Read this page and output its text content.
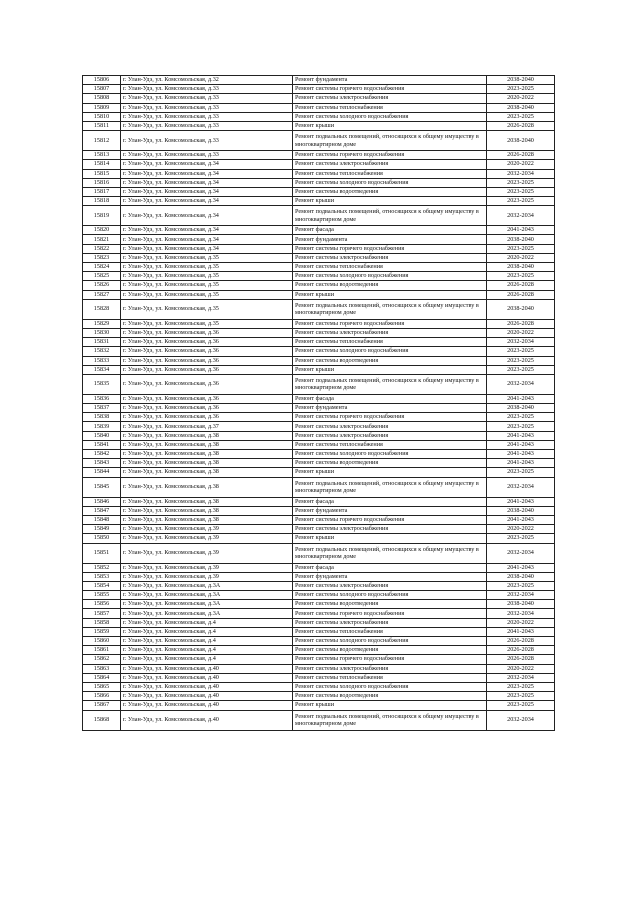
15806	г. Улан-Удэ, ул. Комсомольская, д.32	Ремонт фундамента	2038-2040
15807	г. Улан-Удэ, ул. Комсомольская, д.33	Ремонт системы горячего водоснабжения	2023-2025
15808	г. Улан-Удэ, ул. Комсомольская, д.33	Ремонт системы электроснабжения	2020-2022
15809	г. Улан-Удэ, ул. Комсомольская, д.33	Ремонт системы теплоснабжения	2038-2040
15810	г. Улан-Удэ, ул. Комсомольская, д.33	Ремонт системы холодного водоснабжения	2023-2025
15811	г. Улан-Удэ, ул. Комсомольская, д.33	Ремонт крыши	2026-2028
15812	г. Улан-Удэ, ул. Комсомольская, д.33	Ремонт подвальных помещений, относящихся к общему имуществу в многоквартирном доме	2038-2040
15813	г. Улан-Удэ, ул. Комсомольская, д.33	Ремонт системы горячего водоснабжения	2026-2028
15814	г. Улан-Удэ, ул. Комсомольская, д.34	Ремонт системы электроснабжения	2020-2022
15815	г. Улан-Удэ, ул. Комсомольская, д.34	Ремонт системы теплоснабжения	2032-2034
15816	г. Улан-Удэ, ул. Комсомольская, д.34	Ремонт системы холодного водоснабжения	2023-2025
15817	г. Улан-Удэ, ул. Комсомольская, д.34	Ремонт системы водоотведения	2023-2025
15818	г. Улан-Удэ, ул. Комсомольская, д.34	Ремонт крыши	2023-2025
15819	г. Улан-Удэ, ул. Комсомольская, д.34	Ремонт подвальных помещений, относящихся к общему имуществу в многоквартирном доме	2032-2034
15820	г. Улан-Удэ, ул. Комсомольская, д.34	Ремонт фасада	2041-2043
15821	г. Улан-Удэ, ул. Комсомольская, д.34	Ремонт фундамента	2038-2040
15822	г. Улан-Удэ, ул. Комсомольская, д.34	Ремонт системы горячего водоснабжения	2023-2025
15823	г. Улан-Удэ, ул. Комсомольская, д.35	Ремонт системы электроснабжения	2020-2022
15824	г. Улан-Удэ, ул. Комсомольская, д.35	Ремонт системы теплоснабжения	2038-2040
15825	г. Улан-Удэ, ул. Комсомольская, д.35	Ремонт системы холодного водоснабжения	2023-2025
15826	г. Улан-Удэ, ул. Комсомольская, д.35	Ремонт системы водоотведения	2026-2028
15827	г. Улан-Удэ, ул. Комсомольская, д.35	Ремонт крыши	2026-2028
15828	г. Улан-Удэ, ул. Комсомольская, д.35	Ремонт подвальных помещений, относящихся к общему имуществу в многоквартирном доме	2038-2040
15829	г. Улан-Удэ, ул. Комсомольская, д.35	Ремонт системы горячего водоснабжения	2026-2028
15830	г. Улан-Удэ, ул. Комсомольская, д.36	Ремонт системы электроснабжения	2020-2022
15831	г. Улан-Удэ, ул. Комсомольская, д.36	Ремонт системы теплоснабжения	2032-2034
15832	г. Улан-Удэ, ул. Комсомольская, д.36	Ремонт системы холодного водоснабжения	2023-2025
15833	г. Улан-Удэ, ул. Комсомольская, д.36	Ремонт системы водоотведения	2023-2025
15834	г. Улан-Удэ, ул. Комсомольская, д.36	Ремонт крыши	2023-2025
15835	г. Улан-Удэ, ул. Комсомольская, д.36	Ремонт подвальных помещений, относящихся к общему имуществу в многоквартирном доме	2032-2034
15836	г. Улан-Удэ, ул. Комсомольская, д.36	Ремонт фасада	2041-2043
15837	г. Улан-Удэ, ул. Комсомольская, д.36	Ремонт фундамента	2038-2040
15838	г. Улан-Удэ, ул. Комсомольская, д.36	Ремонт системы горячего водоснабжения	2023-2025
15839	г. Улан-Удэ, ул. Комсомольская, д.37	Ремонт системы электроснабжения	2023-2025
15840	г. Улан-Удэ, ул. Комсомольская, д.38	Ремонт системы электроснабжения	2041-2043
15841	г. Улан-Удэ, ул. Комсомольская, д.38	Ремонт системы теплоснабжения	2041-2043
15842	г. Улан-Удэ, ул. Комсомольская, д.38	Ремонт системы холодного водоснабжения	2041-2043
15843	г. Улан-Удэ, ул. Комсомольская, д.38	Ремонт системы водоотведения	2041-2043
15844	г. Улан-Удэ, ул. Комсомольская, д.38	Ремонт крыши	2023-2025
15845	г. Улан-Удэ, ул. Комсомольская, д.38	Ремонт подвальных помещений, относящихся к общему имуществу в многоквартирном доме	2032-2034
15846	г. Улан-Удэ, ул. Комсомольская, д.38	Ремонт фасада	2041-2043
15847	г. Улан-Удэ, ул. Комсомольская, д.38	Ремонт фундамента	2038-2040
15848	г. Улан-Удэ, ул. Комсомольская, д.38	Ремонт системы горячего водоснабжения	2041-2043
15849	г. Улан-Удэ, ул. Комсомольская, д.39	Ремонт системы электроснабжения	2020-2022
15850	г. Улан-Удэ, ул. Комсомольская, д.39	Ремонт крыши	2023-2025
15851	г. Улан-Удэ, ул. Комсомольская, д.39	Ремонт подвальных помещений, относящихся к общему имуществу в многоквартирном доме	2032-2034
15852	г. Улан-Удэ, ул. Комсомольская, д.39	Ремонт фасада	2041-2043
15853	г. Улан-Удэ, ул. Комсомольская, д.39	Ремонт фундамента	2038-2040
15854	г. Улан-Удэ, ул. Комсомольская, д.3А	Ремонт системы электроснабжения	2023-2025
15855	г. Улан-Удэ, ул. Комсомольская, д.3А	Ремонт системы холодного водоснабжения	2032-2034
15856	г. Улан-Удэ, ул. Комсомольская, д.3А	Ремонт системы водоотведения	2038-2040
15857	г. Улан-Удэ, ул. Комсомольская, д.3А	Ремонт системы горячего водоснабжения	2032-2034
15858	г. Улан-Удэ, ул. Комсомольская, д.4	Ремонт системы электроснабжения	2020-2022
15859	г. Улан-Удэ, ул. Комсомольская, д.4	Ремонт системы теплоснабжения	2041-2043
15860	г. Улан-Удэ, ул. Комсомольская, д.4	Ремонт системы холодного водоснабжения	2026-2028
15861	г. Улан-Удэ, ул. Комсомольская, д.4	Ремонт системы водоотведения	2026-2028
15862	г. Улан-Удэ, ул. Комсомольская, д.4	Ремонт системы горячего водоснабжения	2026-2028
15863	г. Улан-Удэ, ул. Комсомольская, д.40	Ремонт системы электроснабжения	2020-2022
15864	г. Улан-Удэ, ул. Комсомольская, д.40	Ремонт системы теплоснабжения	2032-2034
15865	г. Улан-Удэ, ул. Комсомольская, д.40	Ремонт системы холодного водоснабжения	2023-2025
15866	г. Улан-Удэ, ул. Комсомольская, д.40	Ремонт системы водоотведения	2023-2025
15867	г. Улан-Удэ, ул. Комсомольская, д.40	Ремонт крыши	2023-2025
15868	г. Улан-Удэ, ул. Комсомольская, д.40	Ремонт подвальных помещений, относящихся к общему имуществу в многоквартирном доме	2032-2034
